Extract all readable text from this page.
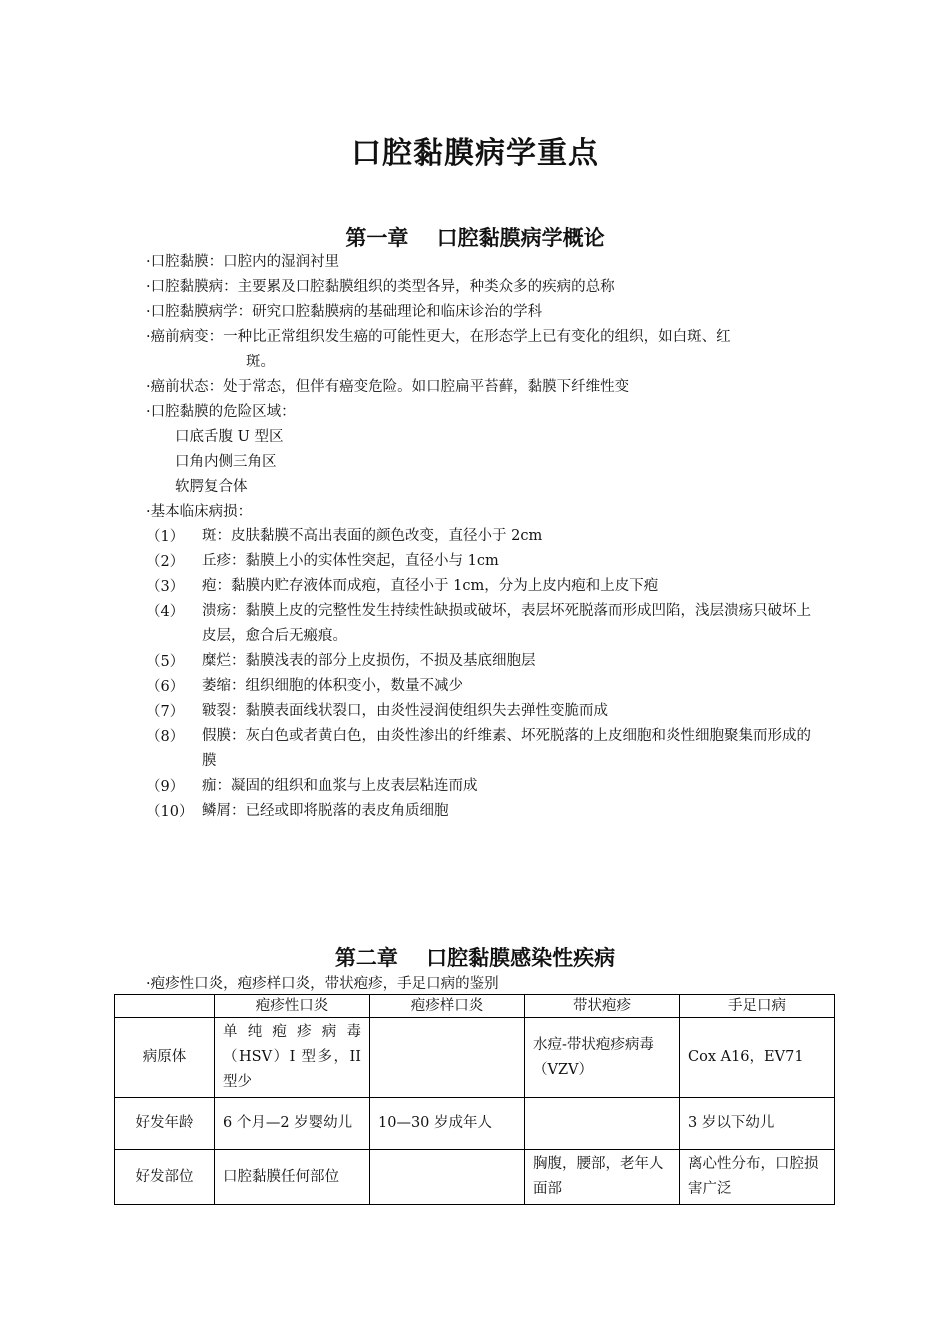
口腔黏膜病学重点
第一章　 口腔黏膜病学概论
·口腔黏膜：口腔内的湿润衬里
·口腔黏膜病：主要累及口腔黏膜组织的类型各异，种类众多的疾病的总称
·口腔黏膜病学：研究口腔黏膜病的基础理论和临床诊治的学科
·癌前病变：一种比正常组织发生癌的可能性更大，在形态学上已有变化的组织，如白斑、红
斑。
·癌前状态：处于常态，但伴有癌变危险。如口腔扁平苔藓，黏膜下纤维性变
·口腔黏膜的危险区域：
口底舌腹 U 型区
口角内侧三角区
软腭复合体
·基本临床病损：
（1） 斑：皮肤黏膜不高出表面的颜色改变，直径小于 2cm
（2） 丘疹：黏膜上小的实体性突起，直径小与 1cm
（3） 疱：黏膜内贮存液体而成疱，直径小于 1cm，分为上皮内疱和上皮下疱
（4） 溃疡：黏膜上皮的完整性发生持续性缺损或破坏，表层坏死脱落而形成凹陷，浅层溃疡只破坏上皮层，愈合后无瘢痕。
（5） 糜烂：黏膜浅表的部分上皮损伤，不损及基底细胞层
（6） 萎缩：组织细胞的体积变小，数量不减少
（7） 皲裂：黏膜表面线状裂口，由炎性浸润使组织失去弹性变脆而成
（8） 假膜：灰白色或者黄白色，由炎性渗出的纤维素、坏死脱落的上皮细胞和炎性细胞聚集而形成的膜
（9） 痂：凝固的组织和血浆与上皮表层粘连而成
（10） 鳞屑：已经或即将脱落的表皮角质细胞
第二章　 口腔黏膜感染性疾病
·疱疹性口炎，疱疹样口炎，带状疱疹，手足口病的鉴别
	疱疹性口炎	疱疹样口炎	带状疱疹	手足口病
病原体	单 纯 疱 疹 病 毒（HSV）I 型多，II 型少		水痘-带状疱疹病毒（VZV）	Cox A16，EV71
好发年龄	6 个月—2 岁婴幼儿	10—30 岁成年人		3 岁以下幼儿
好发部位	口腔黏膜任何部位		胸腹，腰部，老年人面部	离心性分布，口腔损害广泛
